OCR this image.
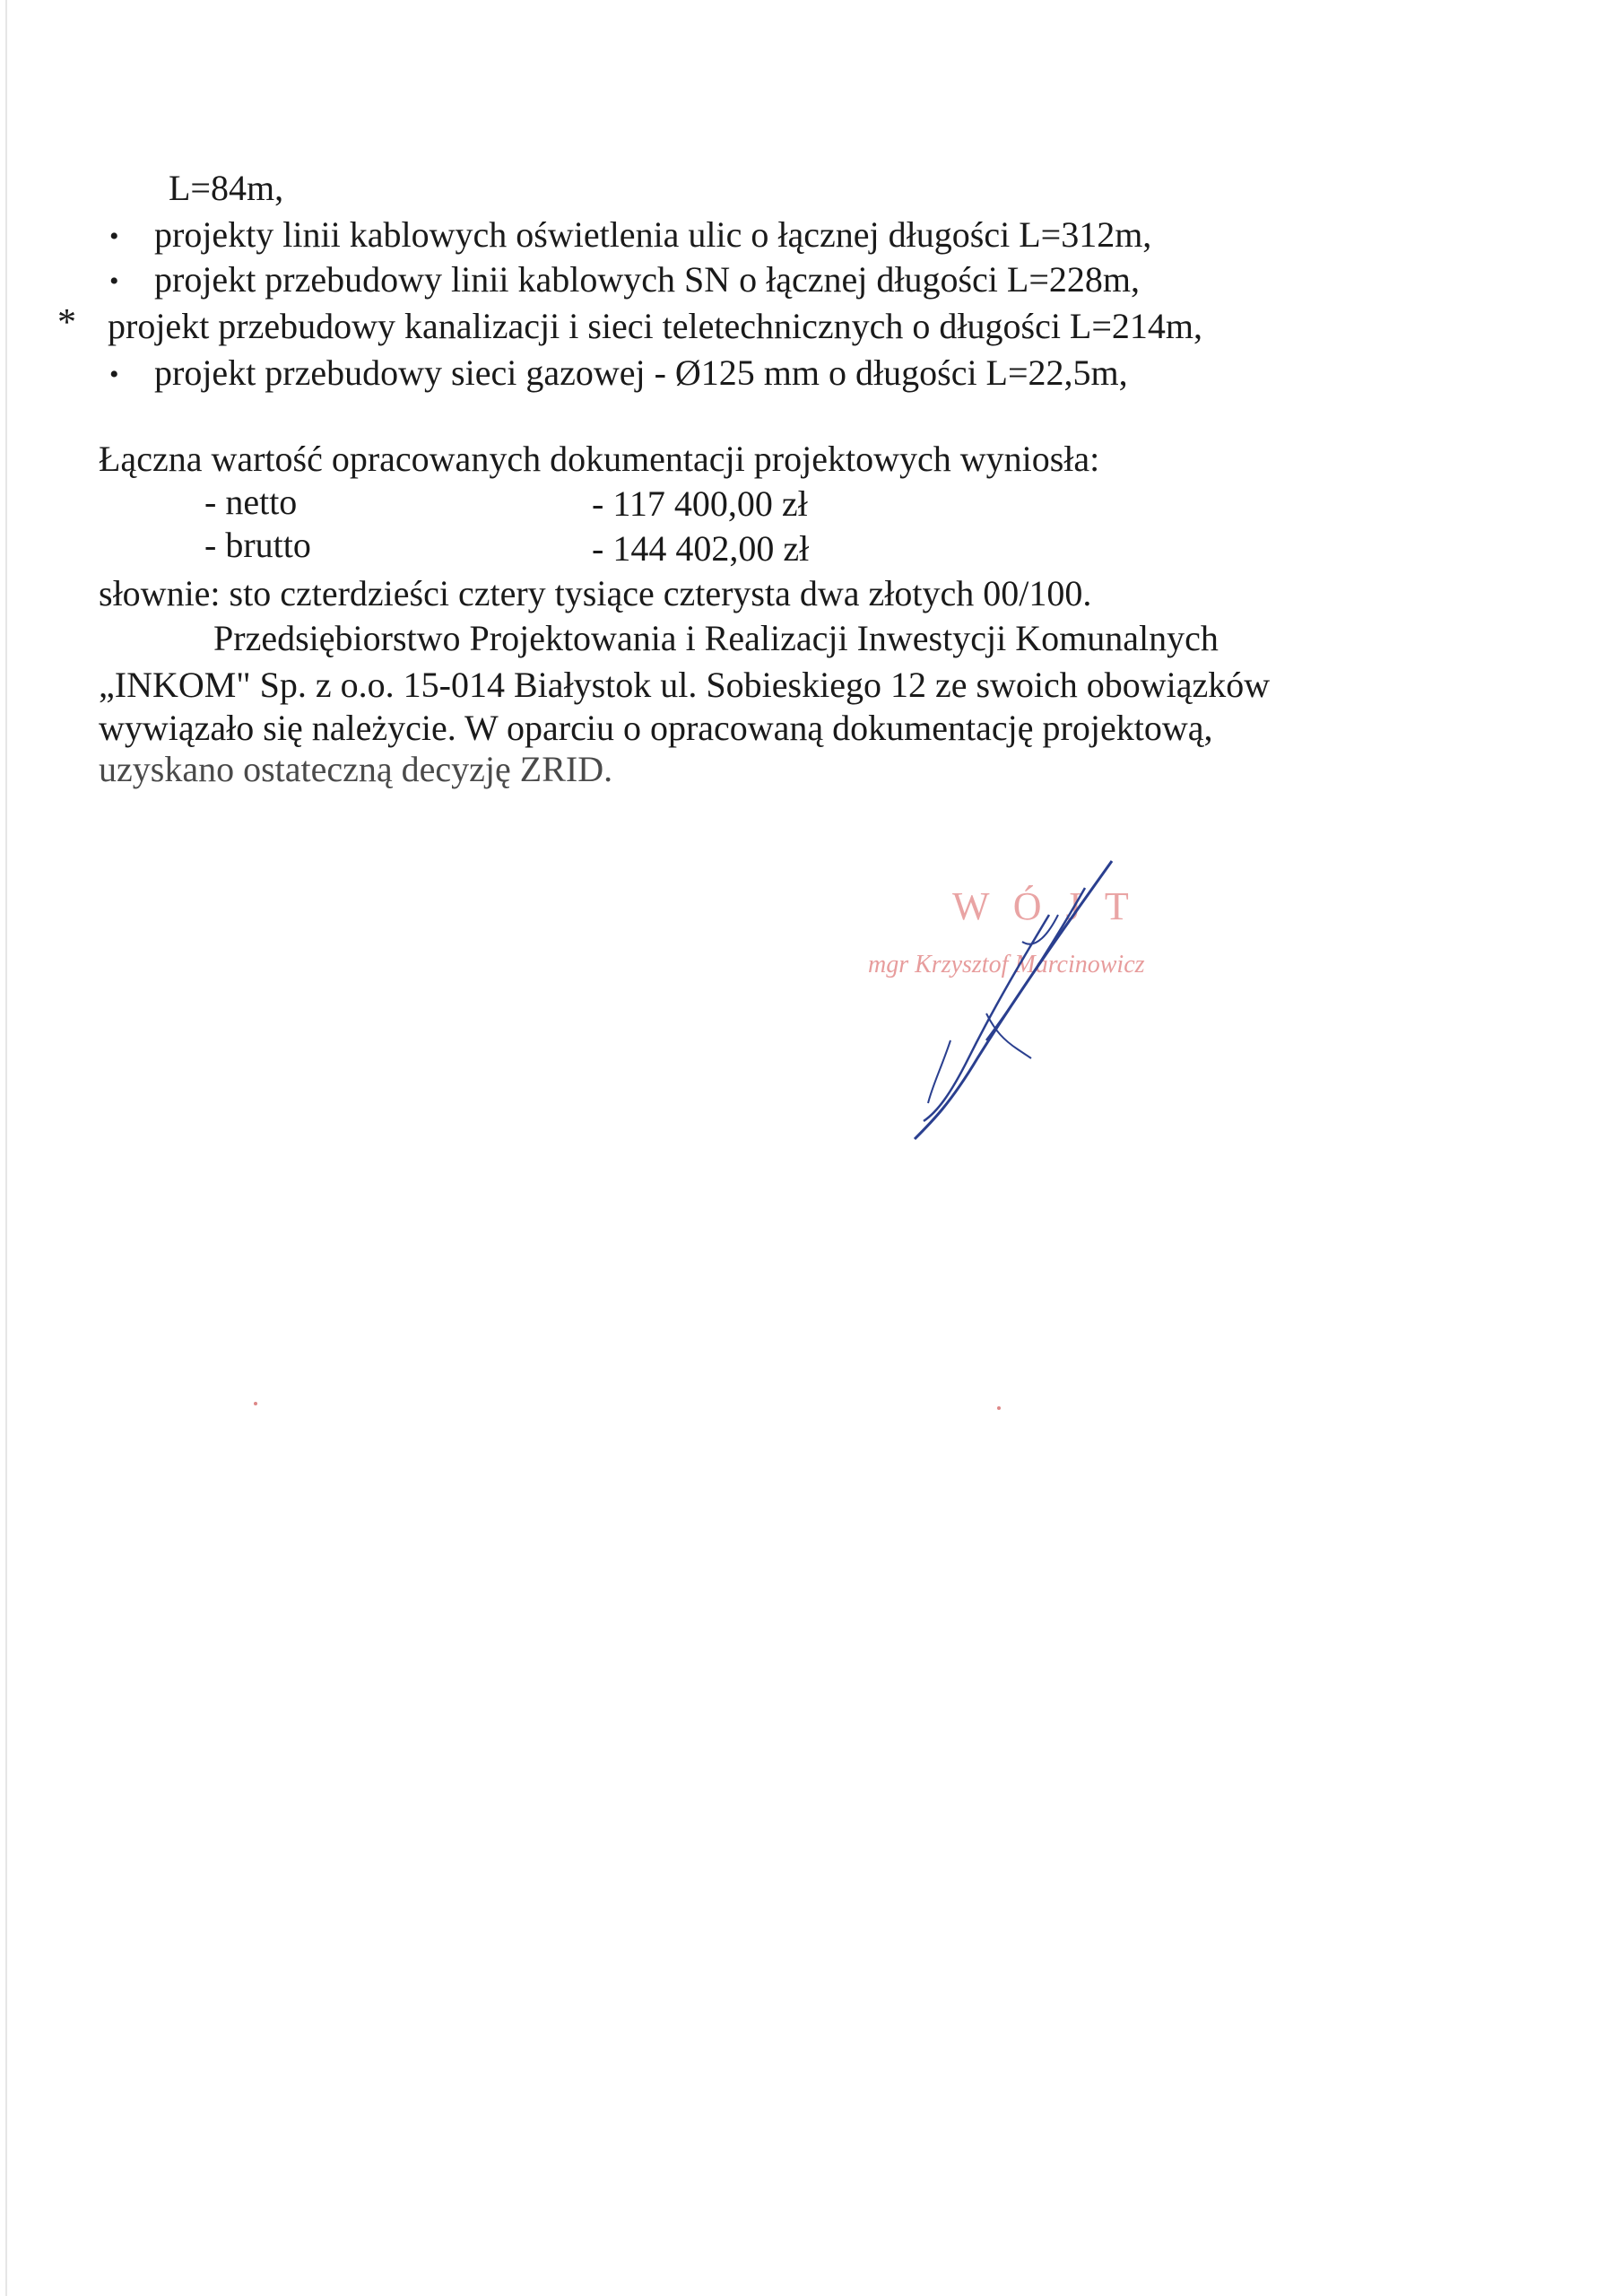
L=84m,
• projekty linii kablowych oświetlenia ulic o łącznej długości L=312m,
• projekt przebudowy linii kablowych SN o łącznej długości L=228m,
* projekt przebudowy kanalizacji i sieci teletechnicznych o długości L=214m,
• projekt przebudowy sieci gazowej - Ø125 mm o długości L=22,5m,
Łączna wartość opracowanych dokumentacji projektowych wyniosła:
- netto	- 117 400,00 zł
- brutto	- 144 402,00 zł
słownie: sto czterdzieści cztery tysiące czterysta dwa złotych 00/100.
Przedsiębiorstwo Projektowania i Realizacji Inwestycji Komunalnych
„INKOM" Sp. z o.o. 15-014 Białystok ul. Sobieskiego 12 ze swoich obowiązków
wywiązało się należycie. W oparciu o opracowaną dokumentację projektową,
uzyskano ostateczną decyzję ZRID.
W Ó J T
mgr Krzysztof Marcinowicz
